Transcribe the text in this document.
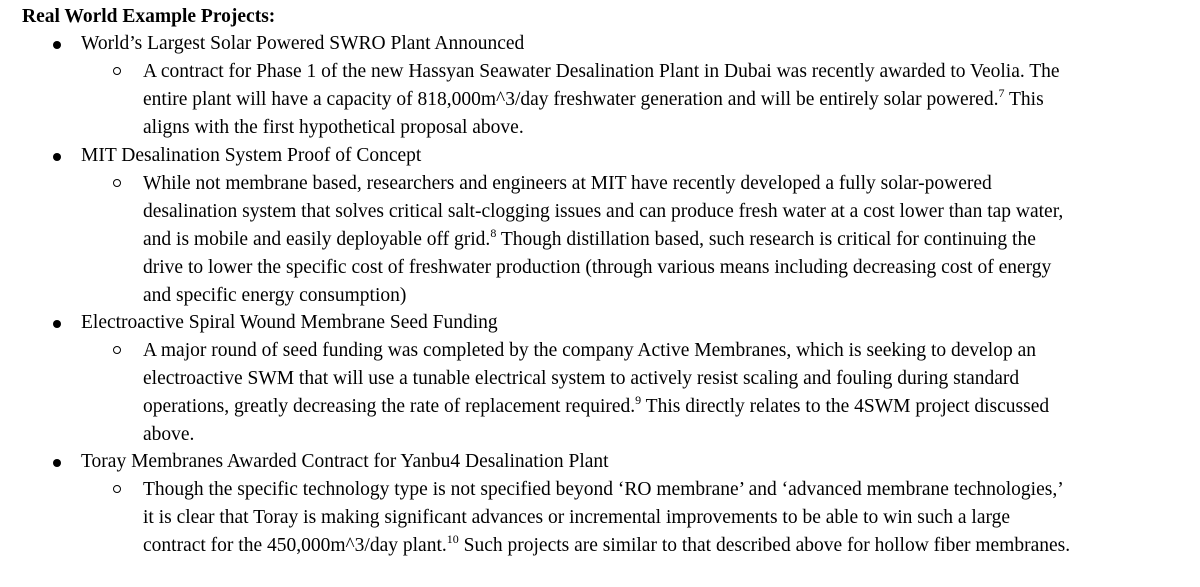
Real World Example Projects:
World’s Largest Solar Powered SWRO Plant Announced
A contract for Phase 1 of the new Hassyan Seawater Desalination Plant in Dubai was recently awarded to Veolia. The
entire plant will have a capacity of 818,000m^3/day freshwater generation and will be entirely solar powered.$^7$ This
aligns with the first hypothetical proposal above.
MIT Desalination System Proof of Concept
While not membrane based, researchers and engineers at MIT have recently developed a fully solar-powered
desalination system that solves critical salt-clogging issues and can produce fresh water at a cost lower than tap water,
and is mobile and easily deployable off grid.$^8$ Though distillation based, such research is critical for continuing the
drive to lower the specific cost of freshwater production (through various means including decreasing cost of energy
and specific energy consumption)
Electroactive Spiral Wound Membrane Seed Funding
A major round of seed funding was completed by the company Active Membranes, which is seeking to develop an
electroactive SWM that will use a tunable electrical system to actively resist scaling and fouling during standard
operations, greatly decreasing the rate of replacement required.$^9$ This directly relates to the 4SWM project discussed
above.
Toray Membranes Awarded Contract for Yanbu4 Desalination Plant
Though the specific technology type is not specified beyond ‘RO membrane’ and ‘advanced membrane technologies,’
it is clear that Toray is making significant advances or incremental improvements to be able to win such a large
contract for the 450,000m^3/day plant.$^{10}$ Such projects are similar to that described above for hollow fiber membranes.
